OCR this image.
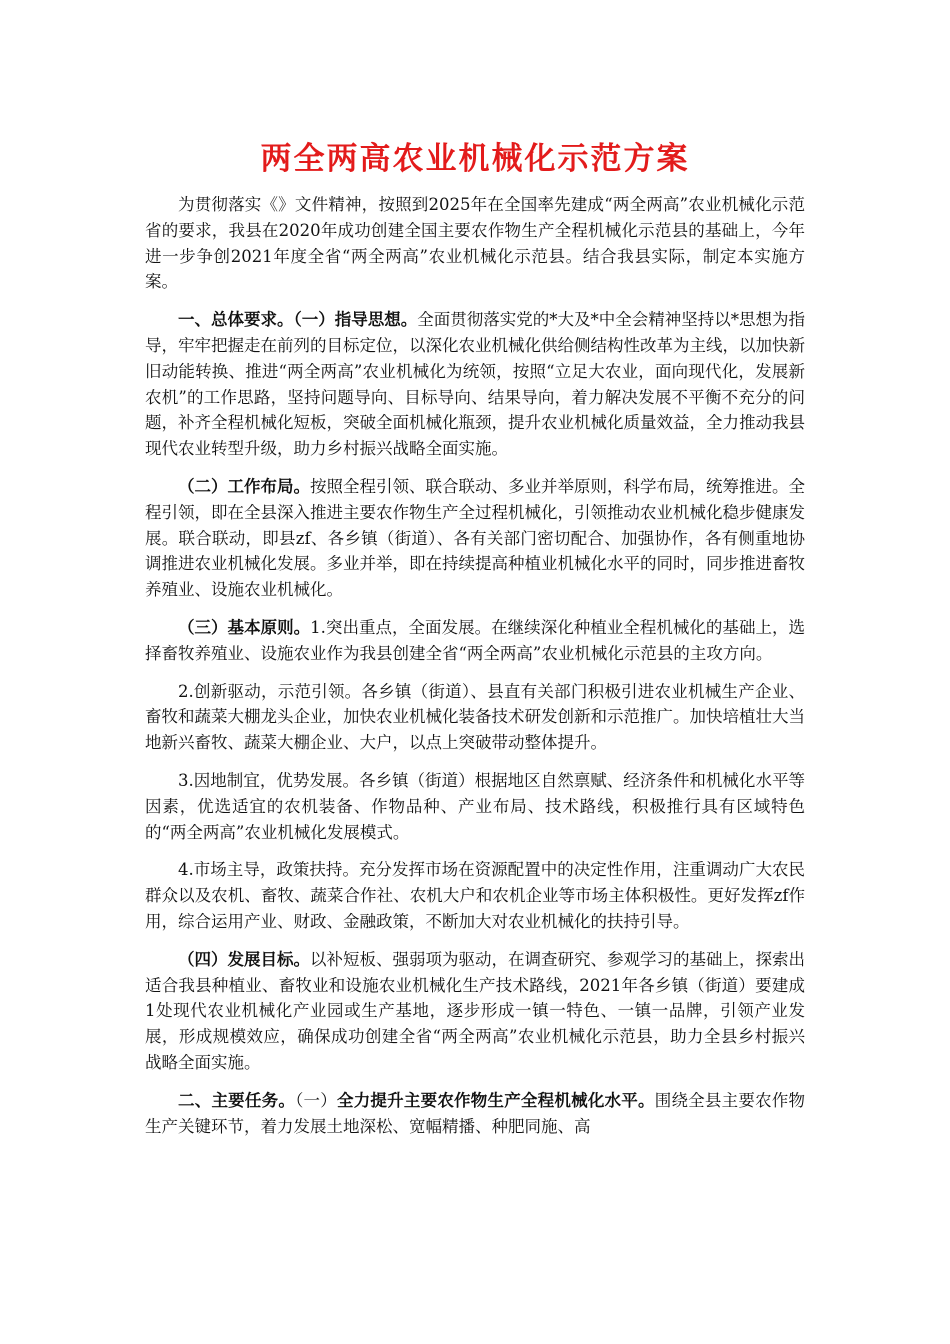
两全两高农业机械化示范方案

为贯彻落实《》文件精神，按照到2025年在全国率先建成“两全两高”农业机械化示范省的要求，我县在2020年成功创建全国主要农作物生产全程机械化示范县的基础上，今年进一步争创2021年度全省“两全两高”农业机械化示范县。结合我县实际，制定本实施方案。

一、总体要求。（一）指导思想。全面贯彻落实党的*大及*中全会精神坚持以*思想为指导，牢牢把握走在前列的目标定位，以深化农业机械化供给侧结构性改革为主线，以加快新旧动能转换、推进“两全两高”农业机械化为统领，按照“立足大农业，面向现代化，发展新农机”的工作思路，坚持问题导向、目标导向、结果导向，着力解决发展不平衡不充分的问题，补齐全程机械化短板，突破全面机械化瓶颈，提升农业机械化质量效益，全力推动我县现代农业转型升级，助力乡村振兴战略全面实施。

（二）工作布局。按照全程引领、联合联动、多业并举原则，科学布局，统筹推进。全程引领，即在全县深入推进主要农作物生产全过程机械化，引领推动农业机械化稳步健康发展。联合联动，即县zf、各乡镇（街道）、各有关部门密切配合、加强协作，各有侧重地协调推进农业机械化发展。多业并举，即在持续提高种植业机械化水平的同时，同步推进畜牧养殖业、设施农业机械化。

（三）基本原则。1.突出重点，全面发展。在继续深化种植业全程机械化的基础上，选择畜牧养殖业、设施农业作为我县创建全省“两全两高”农业机械化示范县的主攻方向。

2.创新驱动，示范引领。各乡镇（街道）、县直有关部门积极引进农业机械生产企业、畜牧和蔬菜大棚龙头企业，加快农业机械化装备技术研发创新和示范推广。加快培植壮大当地新兴畜牧、蔬菜大棚企业、大户，以点上突破带动整体提升。

3.因地制宜，优势发展。各乡镇（街道）根据地区自然禀赋、经济条件和机械化水平等因素，优选适宜的农机装备、作物品种、产业布局、技术路线，积极推行具有区域特色的“两全两高”农业机械化发展模式。

4.市场主导，政策扶持。充分发挥市场在资源配置中的决定性作用，注重调动广大农民群众以及农机、畜牧、蔬菜合作社、农机大户和农机企业等市场主体积极性。更好发挥zf作用，综合运用产业、财政、金融政策，不断加大对农业机械化的扶持引导。

（四）发展目标。以补短板、强弱项为驱动，在调查研究、参观学习的基础上，探索出适合我县种植业、畜牧业和设施农业机械化生产技术路线，2021年各乡镇（街道）要建成1处现代农业机械化产业园或生产基地，逐步形成一镇一特色、一镇一品牌，引领产业发展，形成规模效应，确保成功创建全省“两全两高”农业机械化示范县，助力全县乡村振兴战略全面实施。

二、主要任务。（一）全力提升主要农作物生产全程机械化水平。围绕全县主要农作物生产关键环节，着力发展土地深松、宽幅精播、种肥同施、高
